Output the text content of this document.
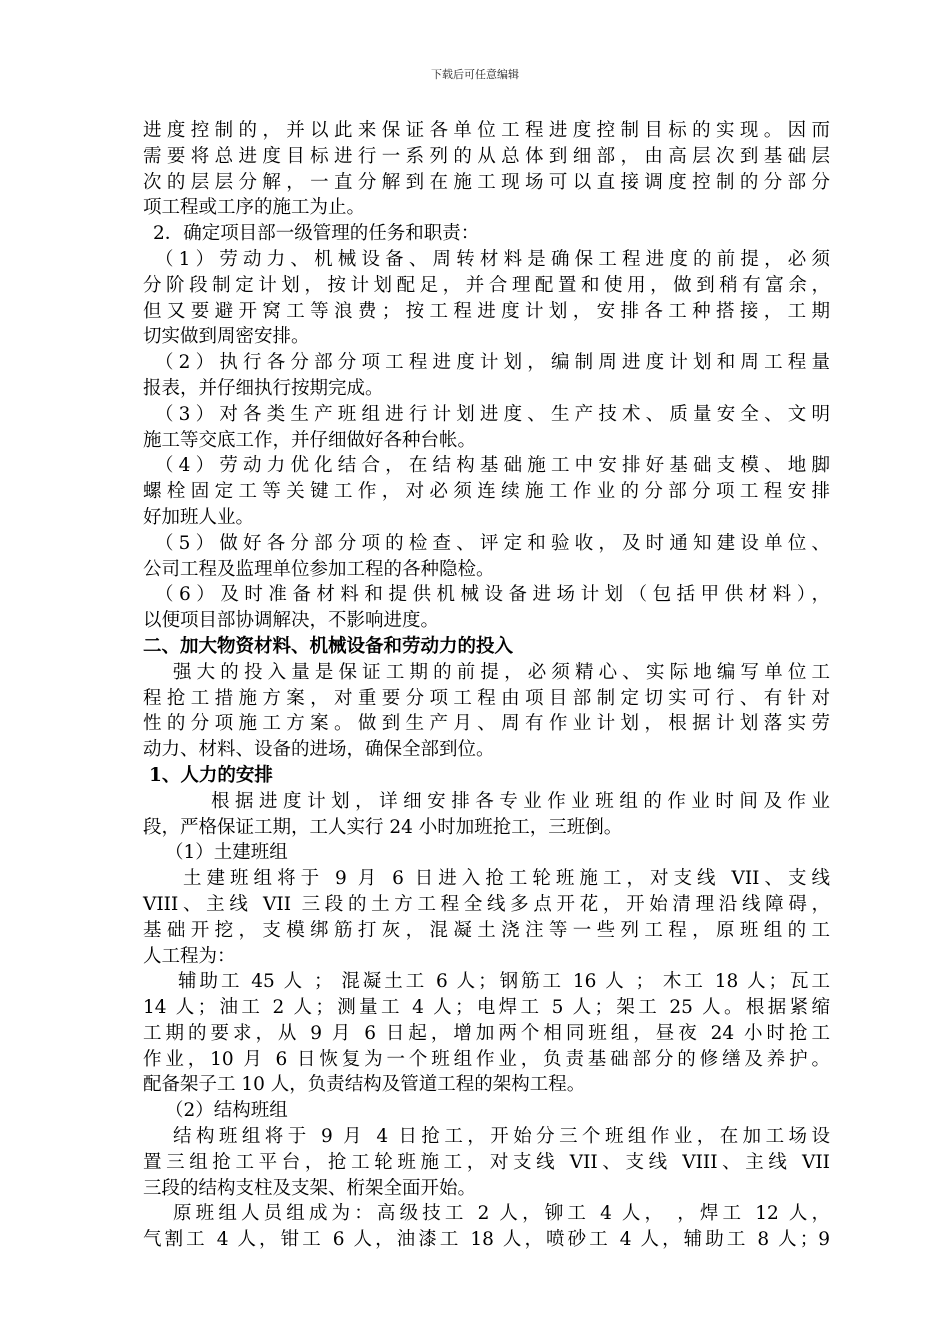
下载后可任意编辑
进度控制的，并以此来保证各单位工程进度控制目标的实现。因而
需要将总进度目标进行一系列的从总体到细部，由高层次到基础层
次的层层分解，一直分解到在施工现场可以直接调度控制的分部分
项工程或工序的施工为止。
2．确定项目部一级管理的任务和职责：
（1）劳动力、机械设备、周转材料是确保工程进度的前提，必须
分阶段制定计划，按计划配足，并合理配置和使用，做到稍有富余，
但又要避开窝工等浪费；按工程进度计划，安排各工种搭接，工期
切实做到周密安排。
（2）执行各分部分项工程进度计划，编制周进度计划和周工程量
报表，并仔细执行按期完成。
（3）对各类生产班组进行计划进度、生产技术、质量安全、文明
施工等交底工作，并仔细做好各种台帐。
（4）劳动力优化结合，在结构基础施工中安排好基础支模、地脚
螺栓固定工等关键工作，对必须连续施工作业的分部分项工程安排
好加班人业。
（5）做好各分部分项的检查、评定和验收，及时通知建设单位、
公司工程及监理单位参加工程的各种隐检。
（6）及时准备材料和提供机械设备进场计划（包括甲供材料），
以便项目部协调解决，不影响进度。
二、加大物资材料、机械设备和劳动力的投入
强大的投入量是保证工期的前提，必须精心、实际地编写单位工
程抢工措施方案，对重要分项工程由项目部制定切实可行、有针对
性的分项施工方案。做到生产月、周有作业计划，根据计划落实劳
动力、材料、设备的进场，确保全部到位。
1、人力的安排
根据进度计划，详细安排各专业作业班组的作业时间及作业
段，严格保证工期，工人实行 24 小时加班抢工，三班倒。
（1）土建班组
土建班组将于 9 月 6 日进入抢工轮班施工，对支线 VII、支线
VIII、主线 VII 三段的土方工程全线多点开花，开始清理沿线障碍，
基础开挖，支模绑筋打灰，混凝土浇注等一些列工程，原班组的工
人工程为：
辅助工 45 人 ； 混凝土工 6 人；钢筋工 16 人 ； 木工 18 人；瓦工
14 人；油工 2 人；测量工 4 人；电焊工 5 人；架工 25 人。根据紧缩
工期的要求，从 9 月 6 日起，增加两个相同班组，昼夜 24 小时抢工
作业，10 月 6 日恢复为一个班组作业，负责基础部分的修缮及养护。
配备架子工 10 人，负责结构及管道工程的架构工程。
（2）结构班组
结构班组将于 9 月 4 日抢工，开始分三个班组作业，在加工场设
置三组抢工平台，抢工轮班施工，对支线 VII、支线 VIII、主线 VII
三段的结构支柱及支架、桁架全面开始。
原班组人员组成为：高级技工 2 人，铆工 4 人， ，焊工 12 人，
气割工 4 人，钳工 6 人，油漆工 18 人，喷砂工 4 人，辅助工 8 人；9
